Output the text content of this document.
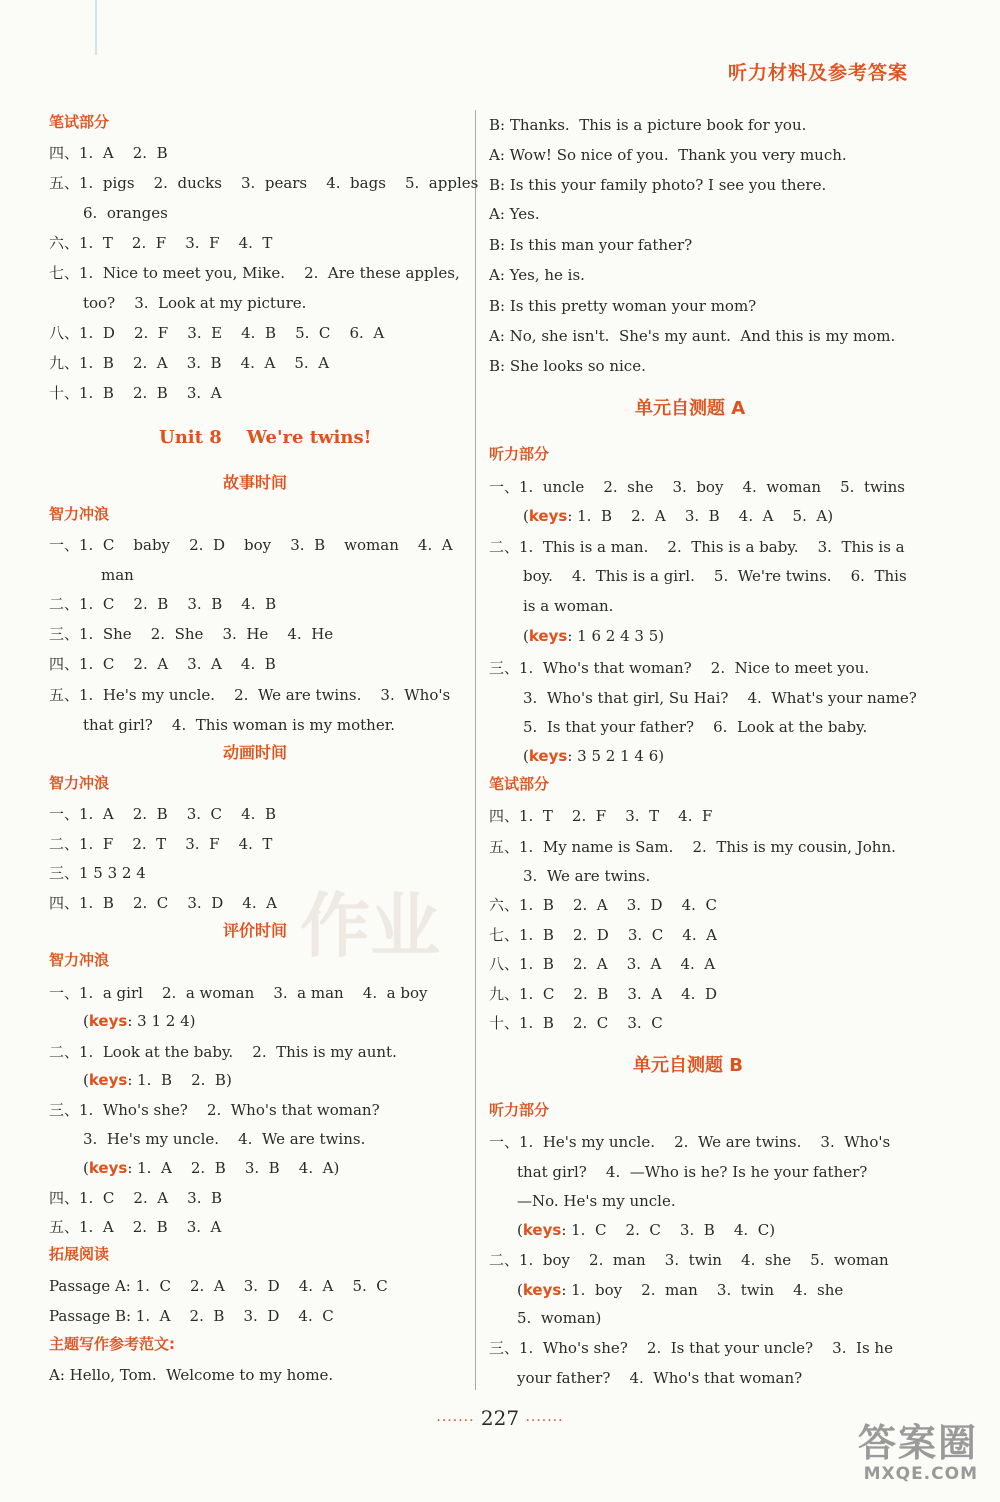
听力材料及参考答案
作业
笔试部分
四、1.  A    2.  B
五、1.  pigs    2.  ducks    3.  pears    4.  bags    5.  apples
6.  oranges
六、1.  T    2.  F    3.  F    4.  T
七、1.  Nice to meet you, Mike.    2.  Are these apples,
too?    3.  Look at my picture.
八、1.  D    2.  F    3.  E    4.  B    5.  C    6.  A
九、1.  B    2.  A    3.  B    4.  A    5.  A
十、1.  B    2.  B    3.  A
Unit 8    We're twins!
故事时间
智力冲浪
一、1.  C    baby    2.  D    boy    3.  B    woman    4.  A
man
二、1.  C    2.  B    3.  B    4.  B
三、1.  She    2.  She    3.  He    4.  He
四、1.  C    2.  A    3.  A    4.  B
五、1.  He's my uncle.    2.  We are twins.    3.  Who's
that girl?    4.  This woman is my mother.
动画时间
智力冲浪
一、1.  A    2.  B    3.  C    4.  B
二、1.  F    2.  T    3.  F    4.  T
三、1 5 3 2 4
四、1.  B    2.  C    3.  D    4.  A
评价时间
智力冲浪
一、1.  a girl    2.  a woman    3.  a man    4.  a boy
(keys: 3 1 2 4)
二、1.  Look at the baby.    2.  This is my aunt.
(keys: 1.  B    2.  B)
三、1.  Who's she?    2.  Who's that woman?
3.  He's my uncle.    4.  We are twins.
(keys: 1.  A    2.  B    3.  B    4.  A)
四、1.  C    2.  A    3.  B
五、1.  A    2.  B    3.  A
拓展阅读
Passage A: 1.  C    2.  A    3.  D    4.  A    5.  C
Passage B: 1.  A    2.  B    3.  D    4.  C
主题写作参考范文:
A: Hello, Tom.  Welcome to my home.
B: Thanks.  This is a picture book for you.
A: Wow! So nice of you.  Thank you very much.
B: Is this your family photo? I see you there.
A: Yes.
B: Is this man your father?
A: Yes, he is.
B: Is this pretty woman your mom?
A: No, she isn't.  She's my aunt.  And this is my mom.
B: She looks so nice.
单元自测题 A
听力部分
一、1.  uncle    2.  she    3.  boy    4.  woman    5.  twins
(keys: 1.  B    2.  A    3.  B    4.  A    5.  A)
二、1.  This is a man.    2.  This is a baby.    3.  This is a
boy.    4.  This is a girl.    5.  We're twins.    6.  This
is a woman.
(keys: 1 6 2 4 3 5)
三、1.  Who's that woman?    2.  Nice to meet you.
3.  Who's that girl, Su Hai?    4.  What's your name?
5.  Is that your father?    6.  Look at the baby.
(keys: 3 5 2 1 4 6)
笔试部分
四、1.  T    2.  F    3.  T    4.  F
五、1.  My name is Sam.    2.  This is my cousin, John.
3.  We are twins.
六、1.  B    2.  A    3.  D    4.  C
七、1.  B    2.  D    3.  C    4.  A
八、1.  B    2.  A    3.  A    4.  A
九、1.  C    2.  B    3.  A    4.  D
十、1.  B    2.  C    3.  C
单元自测题 B
听力部分
一、1.  He's my uncle.    2.  We are twins.    3.  Who's
that girl?    4.  —Who is he? Is he your father?
—No. He's my uncle.
(keys: 1.  C    2.  C    3.  B    4.  C)
二、1.  boy    2.  man    3.  twin    4.  she    5.  woman
(keys: 1.  boy    2.  man    3.  twin    4.  she
5.  woman)
三、1.  Who's she?    2.  Is that your uncle?    3.  Is he
your father?    4.  Who's that woman?
······· 227 ·······	答案圈
MXQE.COM
